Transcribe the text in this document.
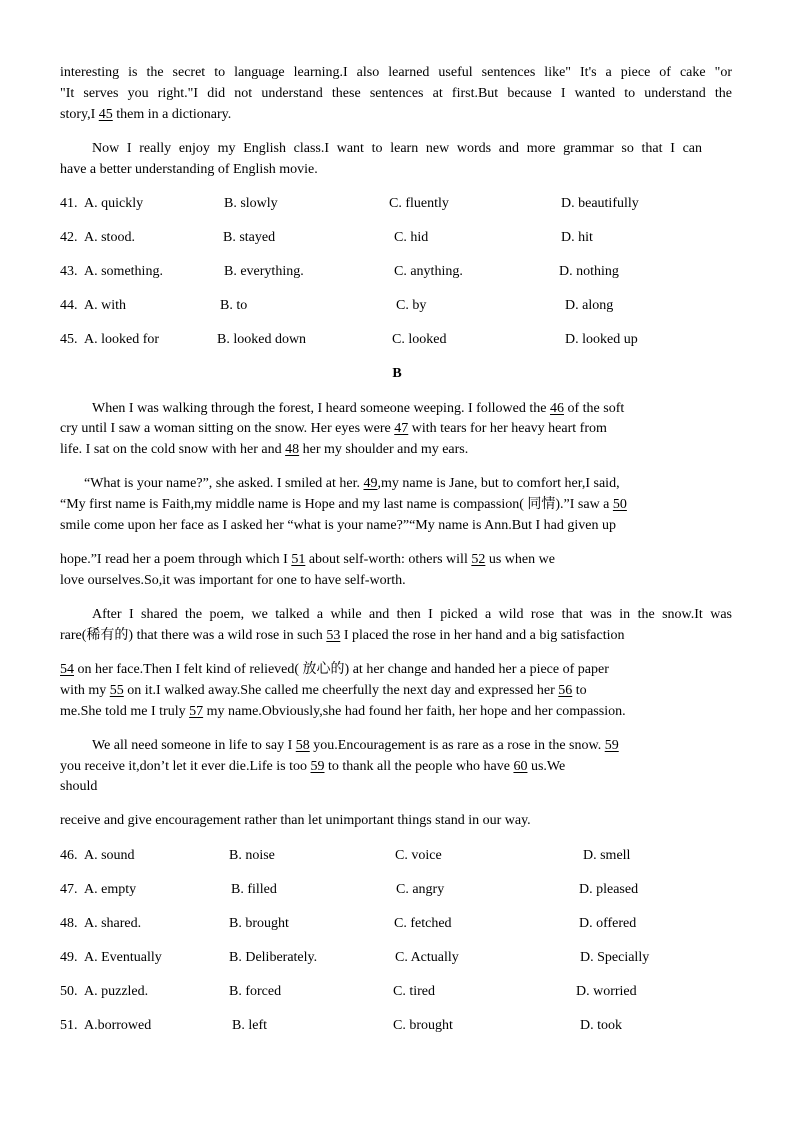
interesting is the secret to language learning.I also learned useful sentences like" It's a piece of cake "or
"It serves you right."I did not understand these sentences at first.But because I wanted to understand the
story,I 45 them in a dictionary.
Now I really enjoy my English class.I want to learn new words and more grammar so that I can
have a better understanding of English movie.
41. A. quickly	B. slowly	C. fluently	D. beautifully
42. A. stood.	B. stayed	C. hid	D. hit
43. A. something.	B. everything.	C. anything.	D. nothing
44. A. with	B. to	C. by	D. along
45. A. looked for	B. looked down	C. looked	D. looked up
B
When I was walking through the forest, I heard someone weeping. I followed the 46 of the soft
cry until I saw a woman sitting on the snow. Her eyes were 47 with tears for her heavy heart from
life. I sat on the cold snow with her and 48 her my shoulder and my ears.
“What is your name?”, she asked. I smiled at her. 49,my name is Jane, but to comfort her,I said,
“My first name is Faith,my middle name is Hope and my last name is compassion( 同情).”I saw a 50
smile come upon her face as I asked her “what is your name?”“My name is Ann.But I had given up
hope.”I read her a poem through which I 51 about self-worth: others will 52 us when we
love ourselves.So,it was important for one to have self-worth.
After I shared the poem, we talked a while and then I picked a wild rose that was in the snow.It was
rare(稀有的) that there was a wild rose in such 53 I placed the rose in her hand and a big satisfaction
54 on her face.Then I felt kind of relieved( 放心的) at her change and handed her a piece of paper
with my 55 on it.I walked away.She called me cheerfully the next day and expressed her 56 to
me.She told me I truly 57 my name.Obviously,she had found her faith, her hope and her compassion.
We all need someone in life to say I 58 you.Encouragement is as rare as a rose in the snow. 59
you receive it,don’t let it ever die.Life is too 59 to thank all the people who have 60 us.We
should
receive and give encouragement rather than let unimportant things stand in our way.
46. A. sound	B. noise	C. voice	D. smell
47. A. empty	B. filled	C. angry	D. pleased
48. A. shared.	B. brought	C. fetched	D. offered
49. A. Eventually	B. Deliberately.	C. Actually	D. Specially
50. A. puzzled.	B. forced	C. tired	D. worried
51. A.borrowed	B. left	C. brought	D. took
